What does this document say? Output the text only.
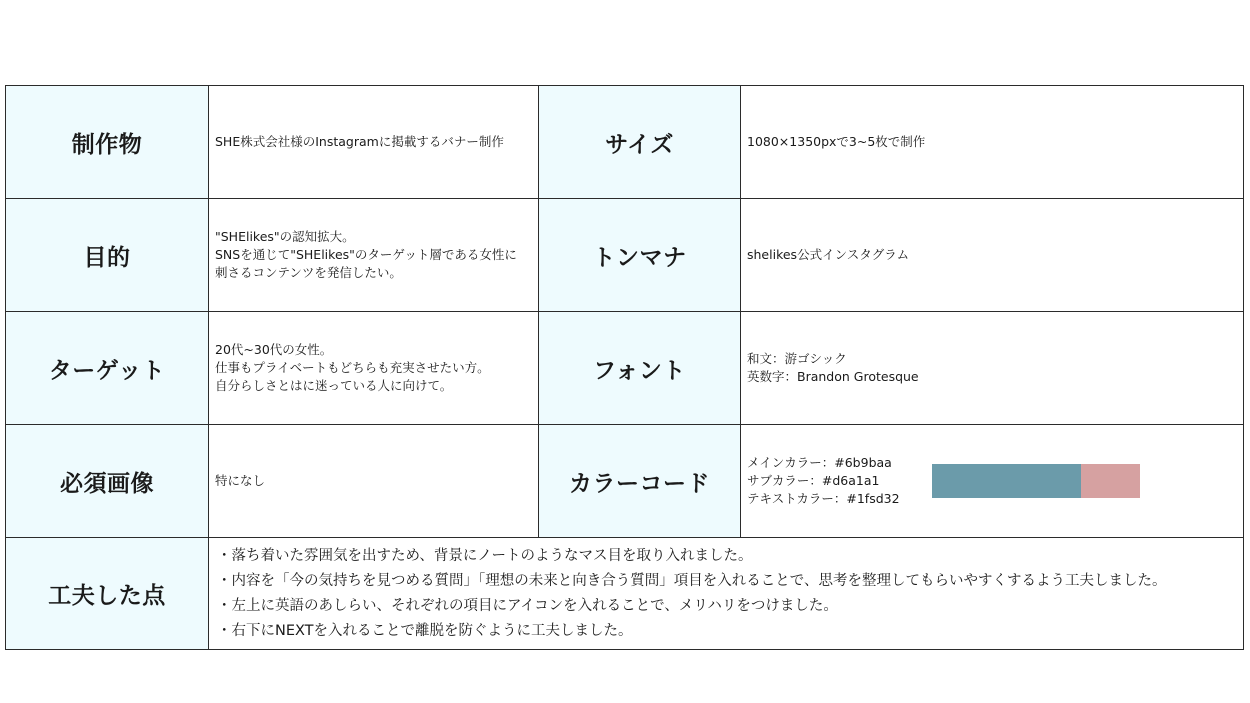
制作物	SHE株式会社様のInstagramに掲載するバナー制作	サイズ	1080×1350pxで3~5枚で制作

目的	"SHElikes"の認知拡大。
SNSを通じて"SHElikes"のターゲット層である女性に
刺さるコンテンツを発信したい。	トンマナ	shelikes公式インスタグラム

ターゲット	20代~30代の女性。
仕事もプライベートもどちらも充実させたい方。
自分らしさとはに迷っている人に向けて。	フォント	和文：游ゴシック
英数字：Brandon Grotesque

必須画像	特になし	カラーコード	メインカラー：#6b9baa
サブカラー：#d6a1a1
テキストカラー：#1fsd32

工夫した点	・落ち着いた雰囲気を出すため、背景にノートのようなマス目を取り入れました。
・内容を「今の気持ちを見つめる質問」「理想の未来と向き合う質問」項目を入れることで、思考を整理してもらいやすくするよう工夫しました。
・左上に英語のあしらい、それぞれの項目にアイコンを入れることで、メリハリをつけました。
・右下にNEXTを入れることで離脱を防ぐように工夫しました。		
